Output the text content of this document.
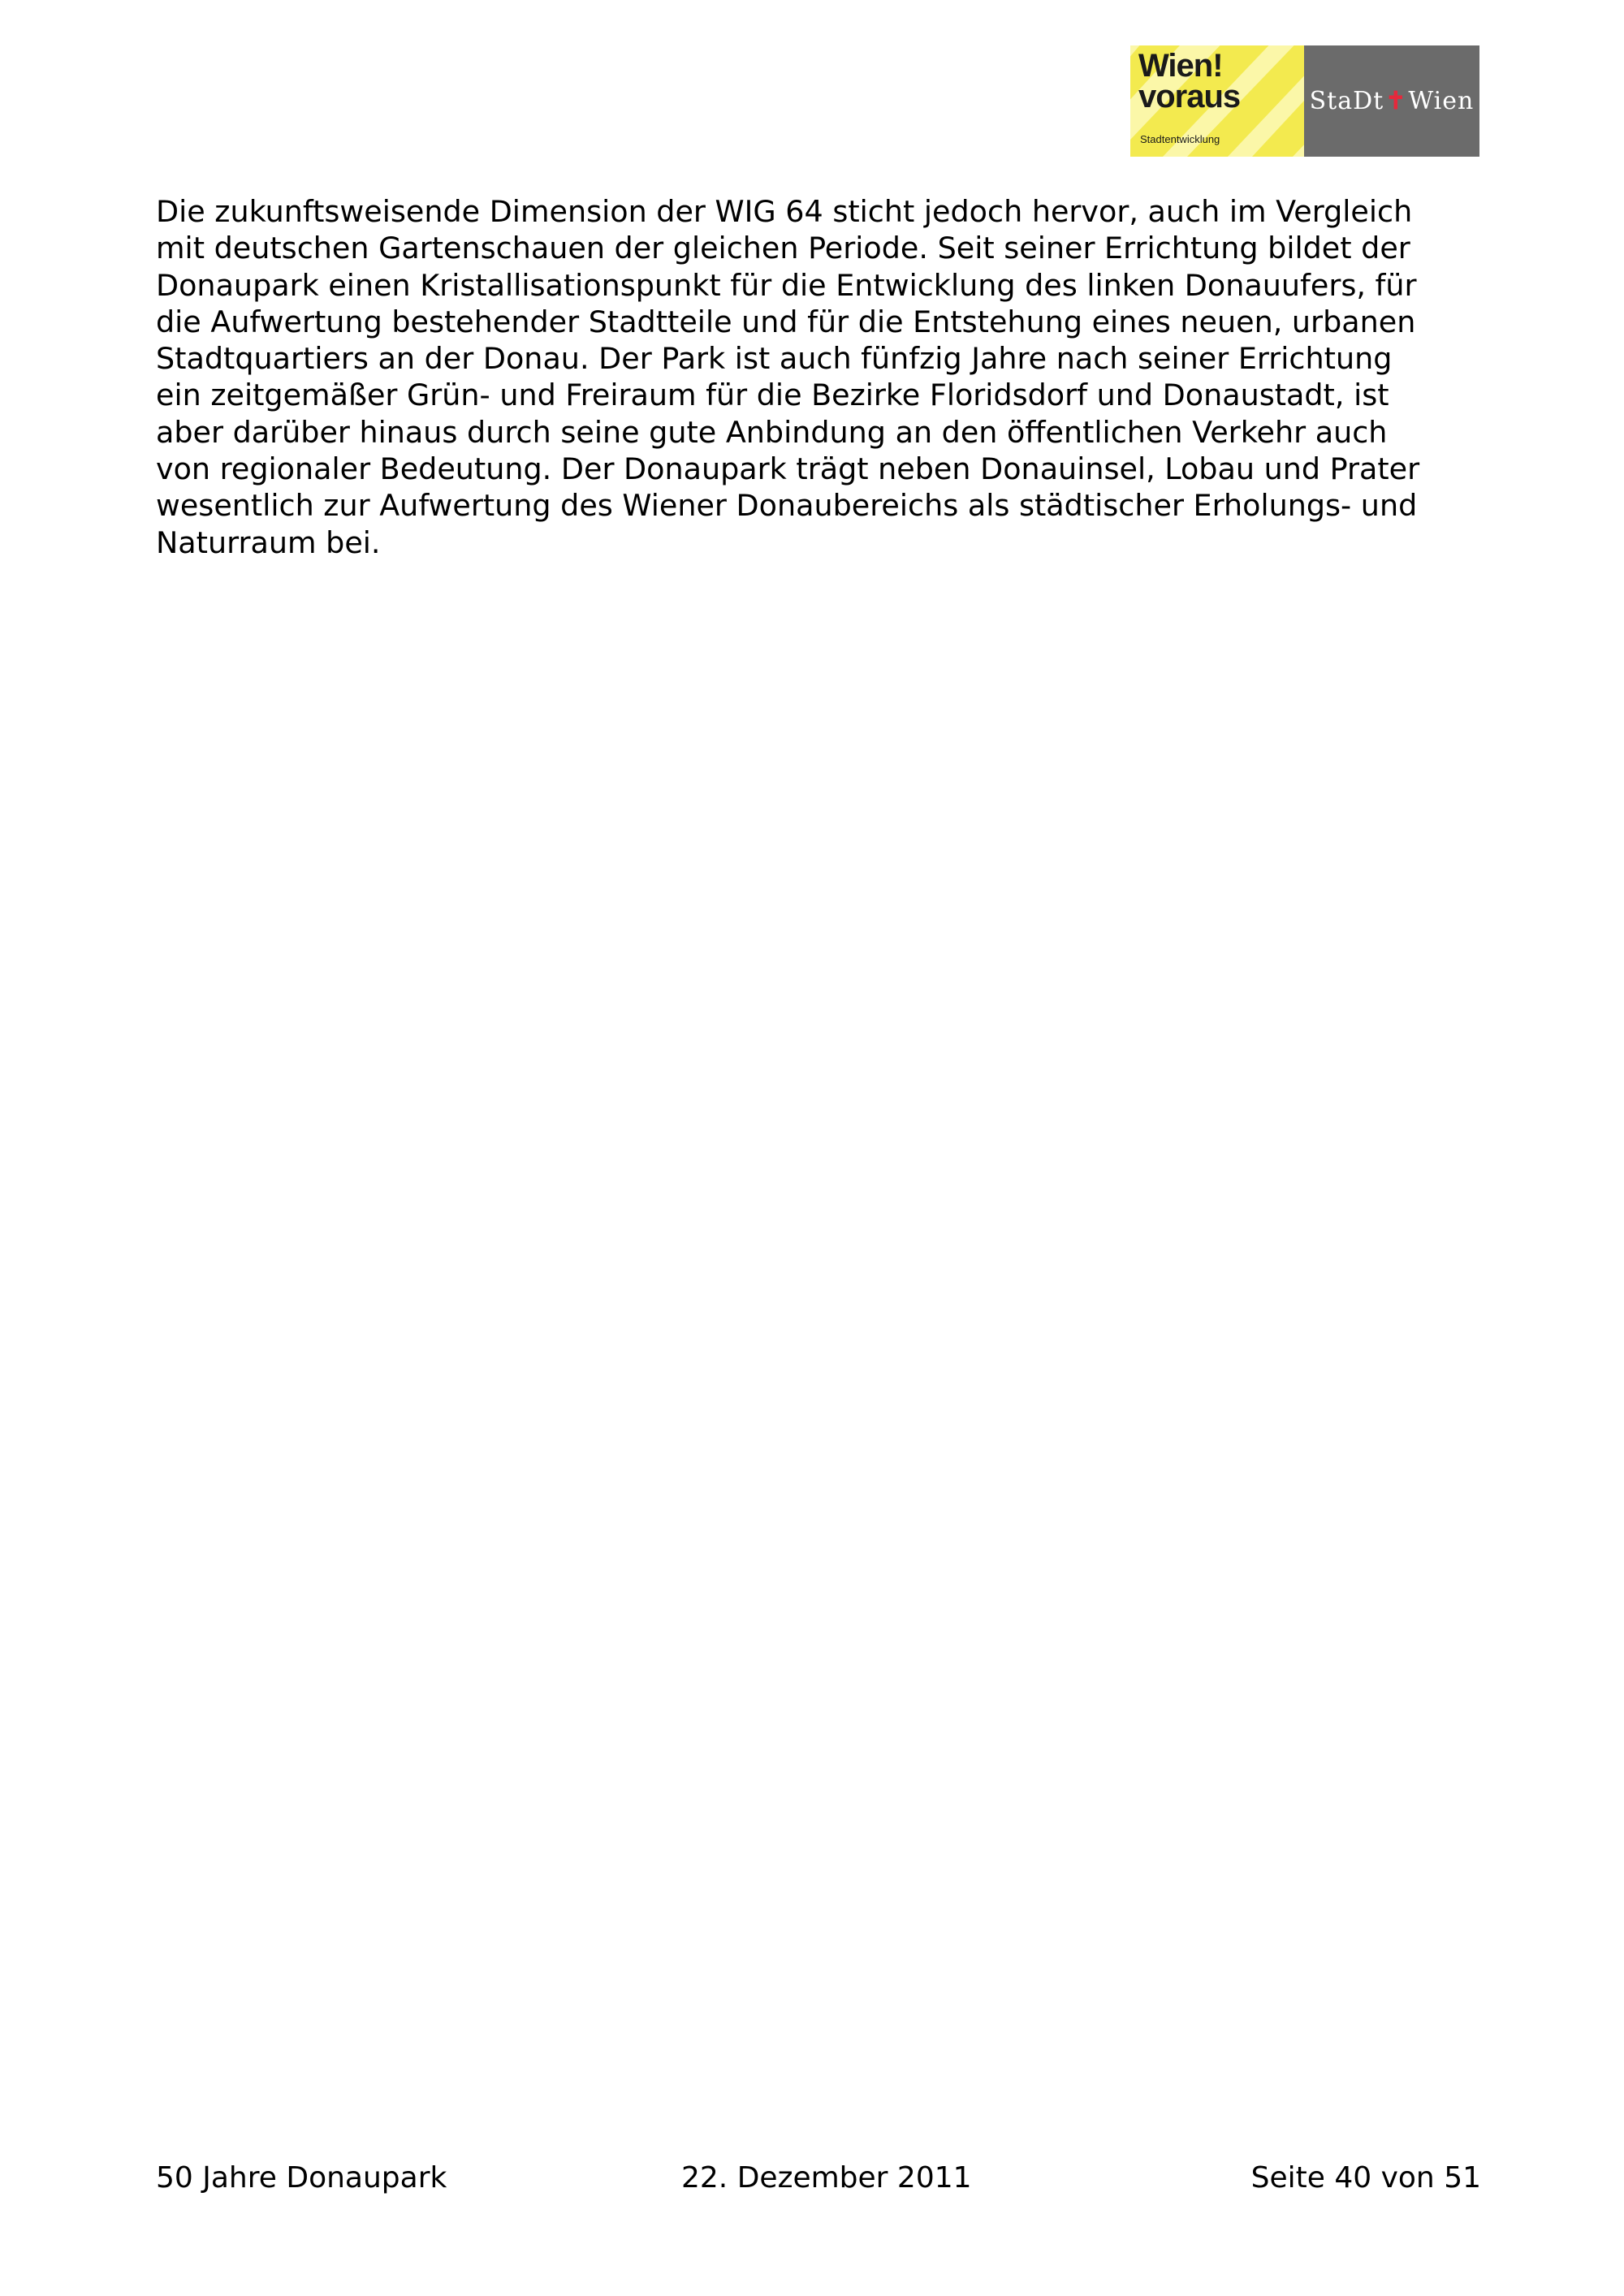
Wien!
voraus
Stadtentwicklung
StaDt ✝ Wien
Die zukunftsweisende Dimension der WIG 64 sticht jedoch hervor, auch im Vergleich
mit deutschen Gartenschauen der gleichen Periode. Seit seiner Errichtung bildet der
Donaupark einen Kristallisationspunkt für die Entwicklung des linken Donauufers, für
die Aufwertung bestehender Stadtteile und für die Entstehung eines neuen, urbanen
Stadtquartiers an der Donau. Der Park ist auch fünfzig Jahre nach seiner Errichtung
ein zeitgemäßer Grün- und Freiraum für die Bezirke Floridsdorf und Donaustadt, ist
aber darüber hinaus durch seine gute Anbindung an den öffentlichen Verkehr auch
von regionaler Bedeutung. Der Donaupark trägt neben Donauinsel, Lobau und Prater
wesentlich zur Aufwertung des Wiener Donaubereichs als städtischer Erholungs- und
Naturraum bei.
50 Jahre Donaupark	22. Dezember 2011	Seite 40 von 51
